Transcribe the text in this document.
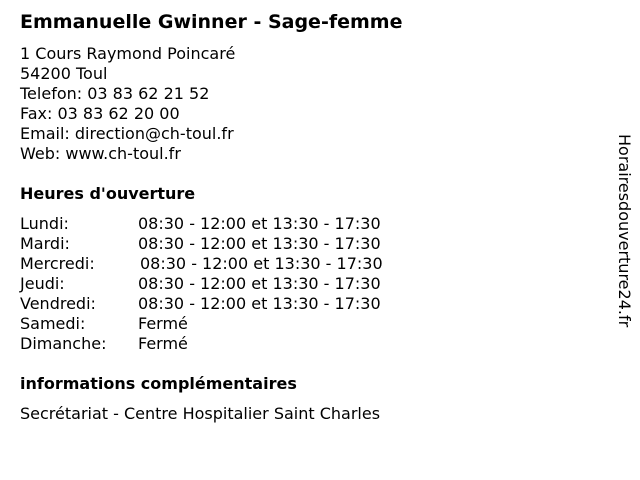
Emmanuelle Gwinner - Sage-femme
1 Cours Raymond Poincaré
54200 Toul
Telefon: 03 83 62 21 52
Fax: 03 83 62 20 00
Email: direction@ch-toul.fr
Web: www.ch-toul.fr
Heures d'ouverture
Lundi:	08:30 - 12:00 et 13:30 - 17:30
Mardi:	08:30 - 12:00 et 13:30 - 17:30
Mercredi:	08:30 - 12:00 et 13:30 - 17:30
Jeudi:	08:30 - 12:00 et 13:30 - 17:30
Vendredi:	08:30 - 12:00 et 13:30 - 17:30
Samedi:	Fermé
Dimanche: Fermé
informations complémentaires
Secrétariat - Centre Hospitalier Saint Charles
Horairesdouverture24.fr
